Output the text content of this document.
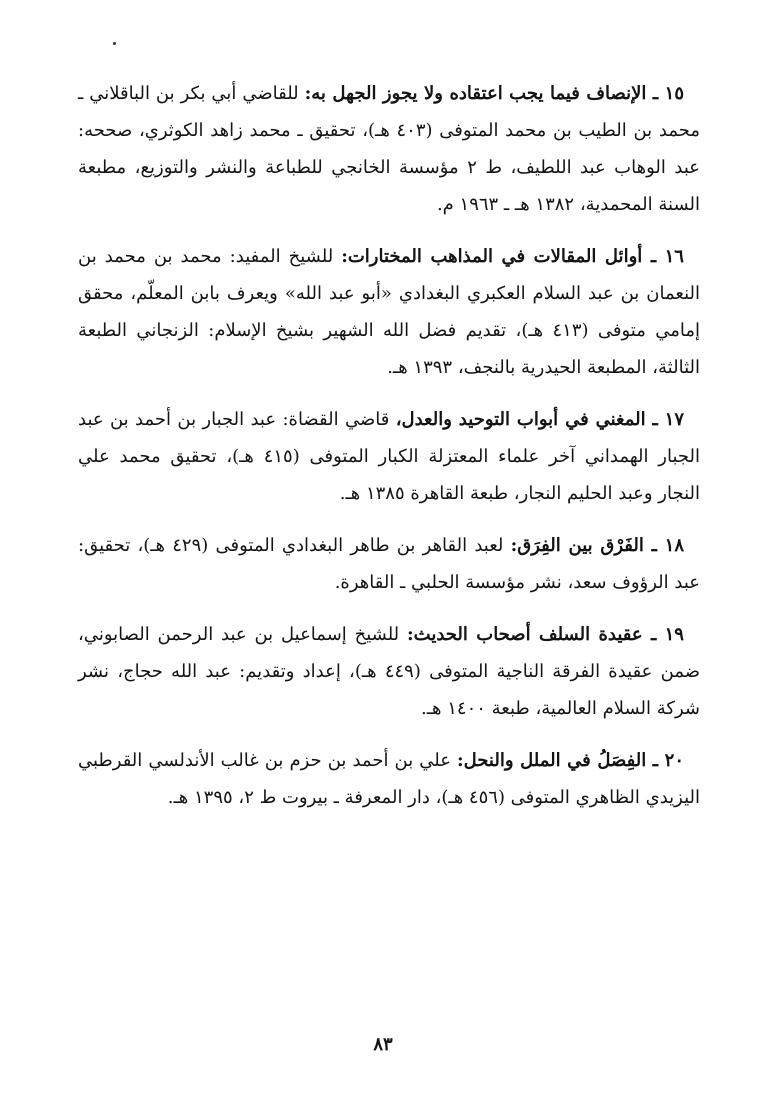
١٥ ـ الإنصاف فيما يجب اعتقاده ولا يجوز الجهل به: للقاضي أبي بكر بن الباقلاني ـ محمد بن الطيب بن محمد المتوفى (٤٠٣ هـ)، تحقيق ـ محمد زاهد الكوثري، صححه: عبد الوهاب عبد اللطيف، ط ٢ مؤسسة الخانجي للطباعة والنشر والتوزيع، مطبعة السنة المحمدية، ١٣٨٢ هـ ـ ١٩٦٣ م.

١٦ ـ أوائل المقالات في المذاهب المختارات: للشيخ المفيد: محمد بن محمد بن النعمان بن عبد السلام العكبري البغدادي «أبو عبد الله» ويعرف بابن المعلّم، محقق إمامي متوفى (٤١٣ هـ)، تقديم فضل الله الشهير بشيخ الإسلام: الزنجاني الطبعة الثالثة، المطبعة الحيدرية بالنجف، ١٣٩٣ هـ.

١٧ ـ المغني في أبواب التوحيد والعدل، قاضي القضاة: عبد الجبار بن أحمد بن عبد الجبار الهمداني آخر علماء المعتزلة الكبار المتوفى (٤١٥ هـ)، تحقيق محمد علي النجار وعبد الحليم النجار، طبعة القاهرة ١٣٨٥ هـ.

١٨ ـ الفَرْق بين الفِرَق: لعبد القاهر بن طاهر البغدادي المتوفى (٤٢٩ هـ)، تحقيق: عبد الرؤوف سعد، نشر مؤسسة الحلبي ـ القاهرة.

١٩ ـ عقيدة السلف أصحاب الحديث: للشيخ إسماعيل بن عبد الرحمن الصابوني، ضمن عقيدة الفرقة الناجية المتوفى (٤٤٩ هـ)، إعداد وتقديم: عبد الله حجاج، نشر شركة السلام العالمية، طبعة ١٤٠٠ هـ.

٢٠ ـ الفِصَلُ في الملل والنحل: علي بن أحمد بن حزم بن غالب الأندلسي القرطبي اليزيدي الظاهري المتوفى (٤٥٦ هـ)، دار المعرفة ـ بيروت ط ٢، ١٣٩٥ هـ.

٨٣
